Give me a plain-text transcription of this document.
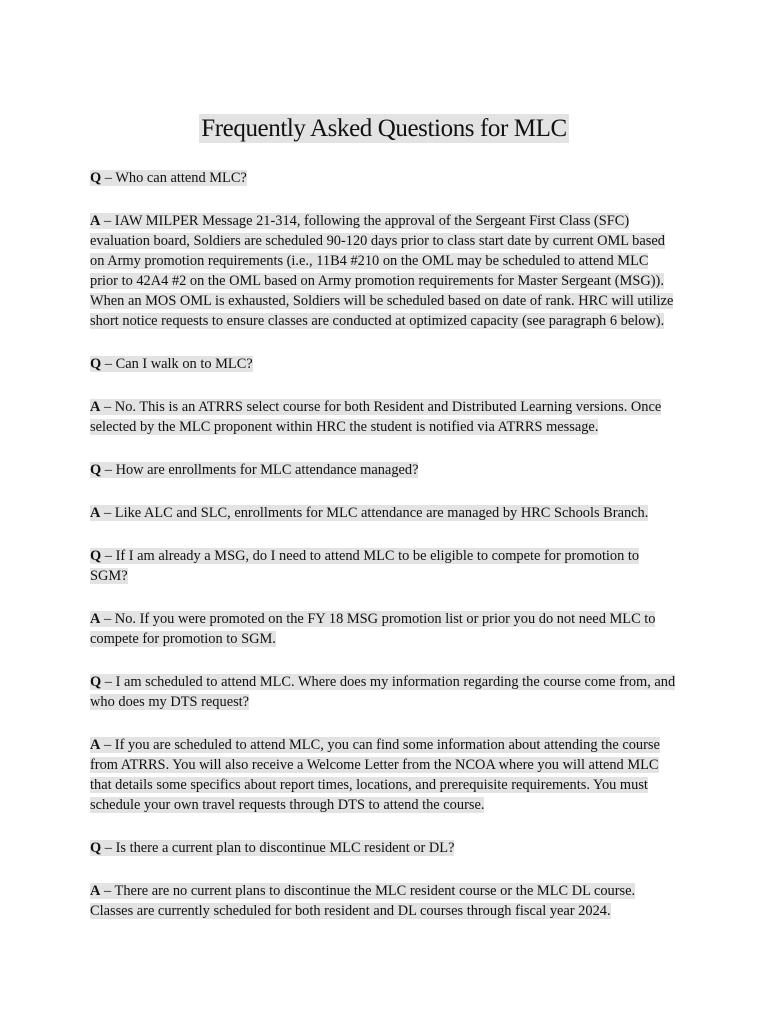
Frequently Asked Questions for MLC

Q – Who can attend MLC?

A – IAW MILPER Message 21-314, following the approval of the Sergeant First Class (SFC) evaluation board, Soldiers are scheduled 90-120 days prior to class start date by current OML based on Army promotion requirements (i.e., 11B4 #210 on the OML may be scheduled to attend MLC prior to 42A4 #2 on the OML based on Army promotion requirements for Master Sergeant (MSG)). When an MOS OML is exhausted, Soldiers will be scheduled based on date of rank. HRC will utilize short notice requests to ensure classes are conducted at optimized capacity (see paragraph 6 below).

Q – Can I walk on to MLC?

A – No. This is an ATRRS select course for both Resident and Distributed Learning versions. Once selected by the MLC proponent within HRC the student is notified via ATRRS message.

Q – How are enrollments for MLC attendance managed?

A – Like ALC and SLC, enrollments for MLC attendance are managed by HRC Schools Branch.

Q – If I am already a MSG, do I need to attend MLC to be eligible to compete for promotion to SGM?

A – No. If you were promoted on the FY 18 MSG promotion list or prior you do not need MLC to compete for promotion to SGM.

Q – I am scheduled to attend MLC. Where does my information regarding the course come from, and who does my DTS request?

A – If you are scheduled to attend MLC, you can find some information about attending the course from ATRRS. You will also receive a Welcome Letter from the NCOA where you will attend MLC that details some specifics about report times, locations, and prerequisite requirements. You must schedule your own travel requests through DTS to attend the course.

Q – Is there a current plan to discontinue MLC resident or DL?

A – There are no current plans to discontinue the MLC resident course or the MLC DL course. Classes are currently scheduled for both resident and DL courses through fiscal year 2024.
